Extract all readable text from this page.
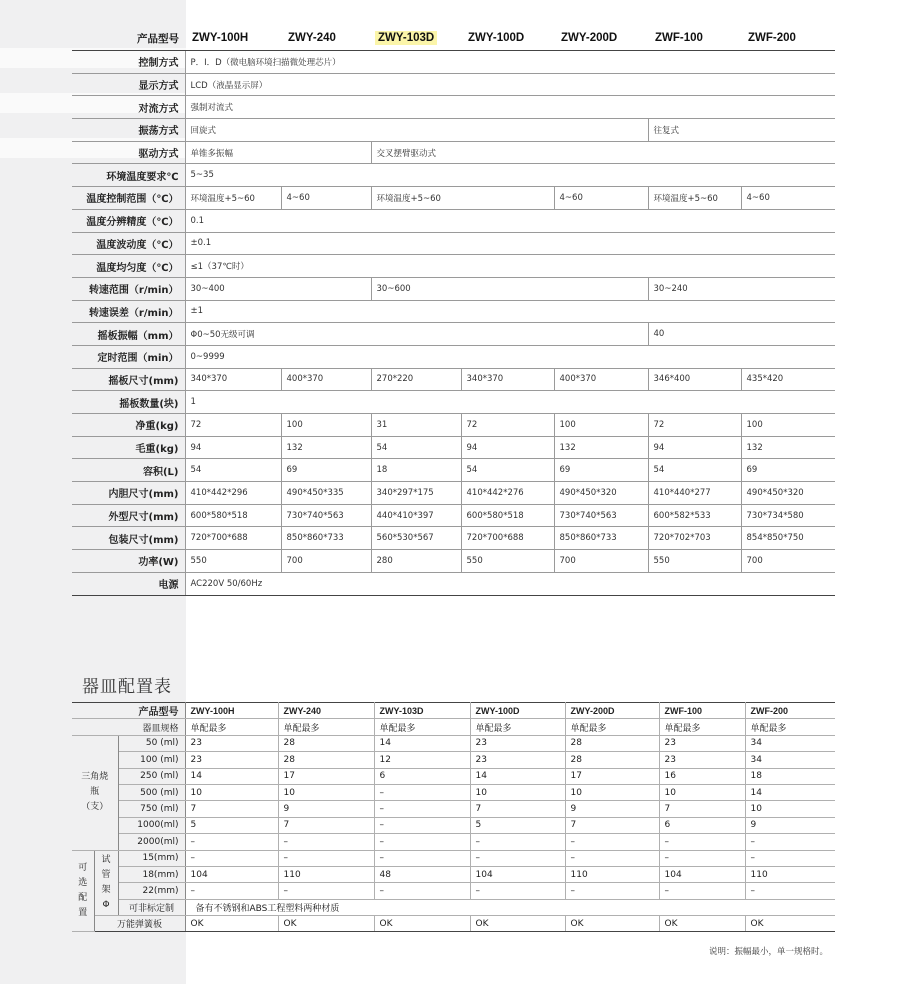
产品型号	ZWY-100H	ZWY-240	ZWY-103D	ZWY-100D	ZWY-200D	ZWF-100	ZWF-200
控制方式	P．I．D（微电脑环境扫描微处理芯片）						
显示方式	LCD（液晶显示屏）						
对流方式	强制对流式						
振荡方式	回旋式					往复式	
驱动方式	单锥多振幅		交叉摆臂驱动式				
环境温度要求℃	5~35						
温度控制范围（℃）	环境温度+5~60	4~60	环境温度+5~60		4~60	环境温度+5~60	4~60
温度分辨精度（℃）	0.1						
温度波动度（℃）	±0.1						
温度均匀度（℃）	≤1（37℃时）						
转速范围（r/min）	30~400		30~600			30~240	
转速误差（r/min）	±1						
摇板振幅（mm）	Φ0~50无级可调					40	
定时范围（min）	0~9999						
摇板尺寸(mm)	340*370	400*370	270*220	340*370	400*370	346*400	435*420
摇板数量(块)	1						
净重(kg)	72	100	31	72	100	72	100
毛重(kg)	94	132	54	94	132	94	132
容积(L)	54	69	18	54	69	54	69
内胆尺寸(mm)	410*442*296	490*450*335	340*297*175	410*442*276	490*450*320	410*440*277	490*450*320
外型尺寸(mm)	600*580*518	730*740*563	440*410*397	600*580*518	730*740*563	600*582*533	730*734*580
包装尺寸(mm)	720*700*688	850*860*733	560*530*567	720*700*688	850*860*733	720*702*703	854*850*750
功率(W)	550	700	280	550	700	550	700
电源	AC220V 50/60Hz						
器皿配置表
产品型号			ZWY-100H	ZWY-240	ZWY-103D	ZWY-100D	ZWY-200D	ZWF-100	ZWF-200
器皿规格			单配最多	单配最多	单配最多	单配最多	单配最多	单配最多	单配最多
三角烧瓶（支）		50 (ml)	23	28	14	23	28	23	34
		100 (ml)	23	28	12	23	28	23	34
		250 (ml)	14	17	6	14	17	16	18
		500 (ml)	10	10	–	10	10	10	14
		750 (ml)	7	9	–	7	9	7	10
		1000(ml)	5	7	–	5	7	6	9
		2000(ml)	–	–	–	–	–	–	–
可选配置	试管架Φ	15(mm)	–	–	–	–	–	–	–
		18(mm)	104	110	48	104	110	104	110
		22(mm)	–	–	–	–	–	–	–
		可非标定制	备有不锈钢和ABS工程塑料两种材质						
	万能弹簧板		OK	OK	OK	OK	OK	OK	OK
说明：振幅最小，单一规格时。
